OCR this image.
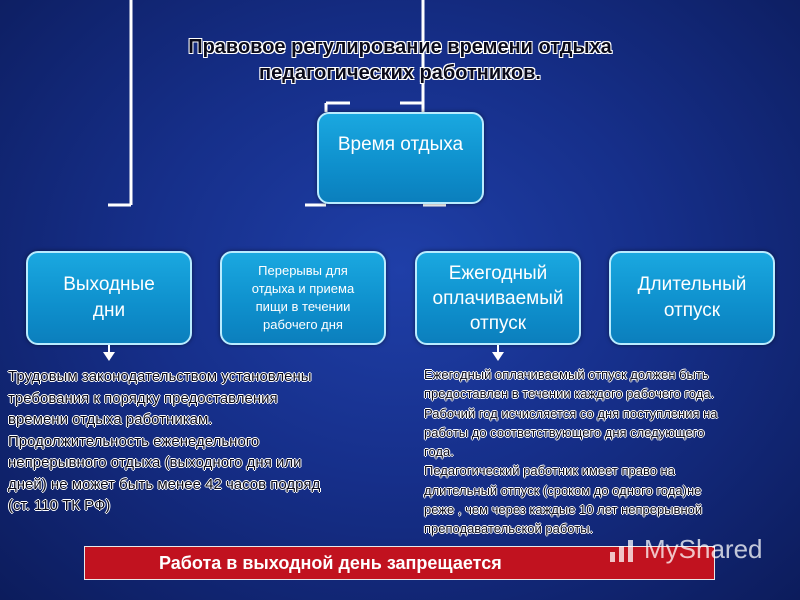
Правовое регулирование времени отдыха
педагогических работников.
Время отдыха
Выходные
дни
Перерывы для
отдыха и приема
пищи в течении
рабочего дня
Ежегодный
оплачиваемый
отпуск
Длительный
отпуск
Трудовым законодательством установлены
требования к порядку предоставления
времени отдыха работникам.
Продолжительность еженедельного
непрерывного отдыха (выходного дня или
дней) не может быть менее 42 часов подряд
(ст. 110 ТК РФ)
Ежегодный оплачиваемый отпуск должен быть
предоставлен в течении каждого рабочего года.
Рабочий год исчисляется со дня поступления на
работы до соответствующего дня следующего
года.
Педагогический работник имеет право на
длительный отпуск (сроком до одного года)не
реже , чем через каждые 10 лет непрерывной
преподавательской работы.
Работа в выходной день запрещается	MyShared
